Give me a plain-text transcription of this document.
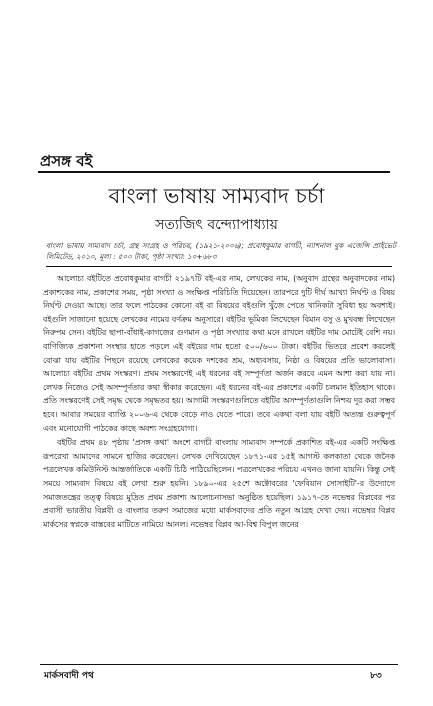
প্রসঙ্গ বই
বাংলা ভাষায় সাম্যবাদ চর্চা
সত্যজিৎ বন্দ্যোপাধ্যায়
বাংলা ভাষায় সাম্যবাদ চর্চা, গ্রন্থ সংগ্রহ ও পরিচয়, (১৯২১-২০০৬); প্রবোধকুমার বাগচী, ন্যাশনাল বুক এজেন্সি প্রাইভেট লিমিটেড, ২০১০, মূল্য : ৫০০ টাকা, পৃষ্ঠা সংখ্যা: ১০+৬৮৩

আলোচ্য বইটিতে প্রবোধকুমার বাগচী ২১৯৭টি বই-এর নাম, লেখকের নাম, (অনুবাদ গ্রন্থের অনুবাদকের নাম) প্রকাশকের নাম, প্রকাশের সময়, পৃষ্ঠা সংখ্যা ও সংক্ষিপ্ত পরিচিতি দিয়েছেন। তারপরে দুটি দীর্ঘ আখ্যা নির্ঘণ্ট ও বিষয় নির্ঘণ্ট দেওয়া আছে। তার ফলে পাঠকের কোনো বই বা বিষয়ের বইগুলি খুঁজে পেতে খানিকটা সুবিধা হয় অবশ্যই। বইগুলি সাজানো হয়েছে লেখকের নামের বর্ণক্রম অনুসারে। বইটির ভূমিকা লিখেছেন বিমান বসু ও মুখবন্ধ লিখেছেন নিরুপম সেন। বইটির ছাপা-বাঁধাই-কাগজের গুণমান ও পৃষ্ঠা সংখ্যার কথা মনে রাখলে বইটির দাম মোটেই বেশি নয়। বাণিজ্যিক প্রকাশনা সংস্থার হাতে পড়লে এই বইয়ের দাম হতো ৫০০/৬০০ টাকা। বইটির ভিতরে প্রবেশ করলেই বোঝা যায় বইটির পিছনে রয়েছে লেখকের কয়েক দশকের শ্রম, অধ্যবসায়, নিষ্ঠা ও বিষয়ের প্রতি ভালোবাসা। আলোচ্য বইটির প্রথম সংস্করণ। প্রথম সংস্করণেই এই ধরনের বই সম্পূর্ণতা অর্জন করবে এমন আশা করা যায় না। লেখক নিজেও সেই অসম্পূর্ণতার কথা স্বীকার করেছেন। এই ধরনের বই-এর প্রকাশের একটি চলমান ইতিহাস থাকে। প্রতি সংস্করণেই সেই সমৃদ্ধ থেকে সমৃদ্ধতর হয়। আগামী সংস্করণগুলিতে বইটির অসম্পূর্ণতাগুলি নিশ্চয় দূর করা সম্ভব হবে। আবার সময়ের ব্যাপ্তি ২০০৬-এ থেকে বেড়ে নাও যেতে পারে। তবে একথা বলা যায় বইটি অত্যন্ত গুরুত্বপূর্ণ এবং মনোযোগী পাঠকের কাছে অবশ্য সংগ্রহযোগ্য।

বইটির প্রথম ৪৮ পৃষ্ঠায় 'প্রসঙ্গ কথা' অংশে বাগচী বাংলায় সাম্যবাদ সম্পর্কে প্রকাশিত বই-এর একটি সংক্ষিপ্ত রূপরেখা আমাদের সামনে হাজির করেছেন। লেখক দেখিয়েছেন ১৮৭১-এর ১৫ই আগস্ট কলকাতা থেকে জনৈক পত্রলেখক কমিউনিস্ট আন্তর্জাতিকে একটি চিঠি পাঠিয়েছিলেন। পত্রলেখকের পরিচয় এখনও জানা যায়নি। কিন্তু সেই সময়ে সাম্যবাদ বিষয়ে বই লেখা শুরু হয়নি। ১৮৯০-এর ২৫শে অক্টোবরের 'ফেবিয়ান সোসাইটি'-র উদ্যোগে সমাজতন্ত্রের তত্ত্ব বিষয়ে মুদ্রিত প্রথম প্রকাশ্য আলোচনাসভা অনুষ্ঠিত হয়েছিল। ১৯১৭-তে নভেম্বর বিপ্লবের পর প্রবাসী ভারতীয় বিপ্লবী ও বাংলার তরুণ সমাজের মধ্যে মার্কসবাদের প্রতি নতুন আগ্রহ দেখা দেয়। নভেম্বর বিপ্লব মার্কসের স্বপ্নকে বাস্তবের মাটিতে নামিয়ে আনল। নভেম্বর বিপ্লব আ-বিশ্ব বিপুল জনের

মার্কসবাদী পথ	৮৩
